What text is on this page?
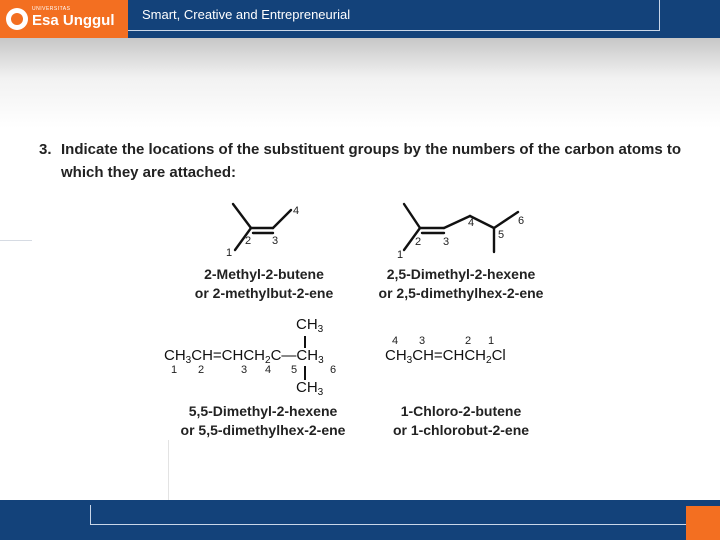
UNIVERSITAS
Esa Unggul Smart, Creative and Entrepreneurial
3. Indicate the locations of the substituent groups by the numbers of the carbon atoms to which they are attached:
1
2 3
4
2-Methyl-2-butene
or 2-methylbut-2-ene
1
2 3
4
5
6
2,5-Dimethyl-2-hexene
or 2,5-dimethylhex-2-ene
$CH_3$
$CH_3CH=CHCH_2C—CH_3$
$CH_3$
1 2	3 4 5	6
5,5-Dimethyl-2-hexene
or 5,5-dimethylhex-2-ene
4 3	2 1
$CH_3CH=CHCH_2Cl$
1-Chloro-2-butene
or 1-chlorobut-2-ene
